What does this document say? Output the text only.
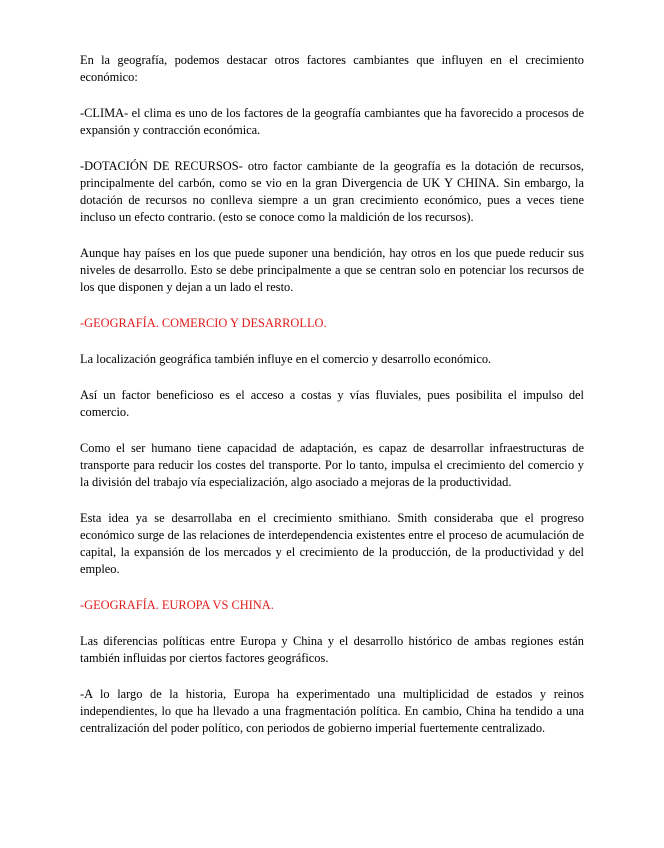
En la geografía, podemos destacar otros factores cambiantes que influyen en el crecimiento económico:

-CLIMA- el clima es uno de los factores de la geografía cambiantes que ha favorecido a procesos de expansión y contracción económica.

-DOTACIÓN DE RECURSOS- otro factor cambiante de la geografía es la dotación de recursos, principalmente del carbón, como se vio en la gran Divergencia de UK Y CHINA. Sin embargo, la dotación de recursos no conlleva siempre a un gran crecimiento económico, pues a veces tiene incluso un efecto contrario. (esto se conoce como la maldición de los recursos).

Aunque hay países en los que puede suponer una bendición, hay otros en los que puede reducir sus niveles de desarrollo. Esto se debe principalmente a que se centran solo en potenciar los recursos de los que disponen y dejan a un lado el resto.

-GEOGRAFÍA. COMERCIO Y DESARROLLO.

La localización geográfica también influye en el comercio y desarrollo económico.

Así un factor beneficioso es el acceso a costas y vías fluviales, pues posibilita el impulso del comercio.

Como el ser humano tiene capacidad de adaptación, es capaz de desarrollar infraestructuras de transporte para reducir los costes del transporte. Por lo tanto, impulsa el crecimiento del comercio y la división del trabajo vía especialización, algo asociado a mejoras de la productividad.

Esta idea ya se desarrollaba en el crecimiento smithiano. Smith consideraba que el progreso económico surge de las relaciones de interdependencia existentes entre el proceso de acumulación de capital, la expansión de los mercados y el crecimiento de la producción, de la productividad y del empleo.

-GEOGRAFÍA. EUROPA VS CHINA.

Las diferencias políticas entre Europa y China y el desarrollo histórico de ambas regiones están también influidas por ciertos factores geográficos.

-A lo largo de la historia, Europa ha experimentado una multiplicidad de estados y reinos independientes, lo que ha llevado a una fragmentación política. En cambio, China ha tendido a una centralización del poder político, con periodos de gobierno imperial fuertemente centralizado.
